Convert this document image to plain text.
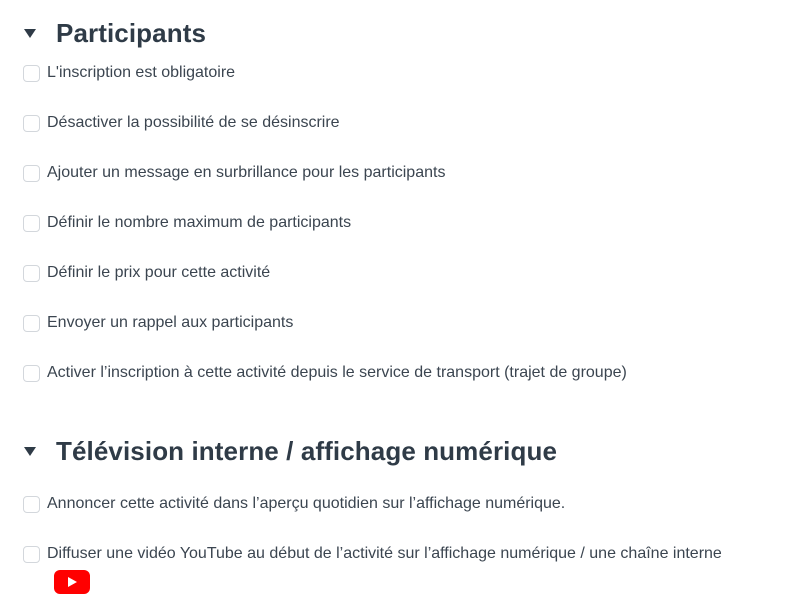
Participants
L'inscription est obligatoire
Désactiver la possibilité de se désinscrire
Ajouter un message en surbrillance pour les participants
Définir le nombre maximum de participants
Définir le prix pour cette activité
Envoyer un rappel aux participants
Activer l’inscription à cette activité depuis le service de transport (trajet de groupe)
Télévision interne / affichage numérique
Annoncer cette activité dans l’aperçu quotidien sur l’affichage numérique.
Diffuser une vidéo YouTube au début de l’activité sur l’affichage numérique / une chaîne interne
